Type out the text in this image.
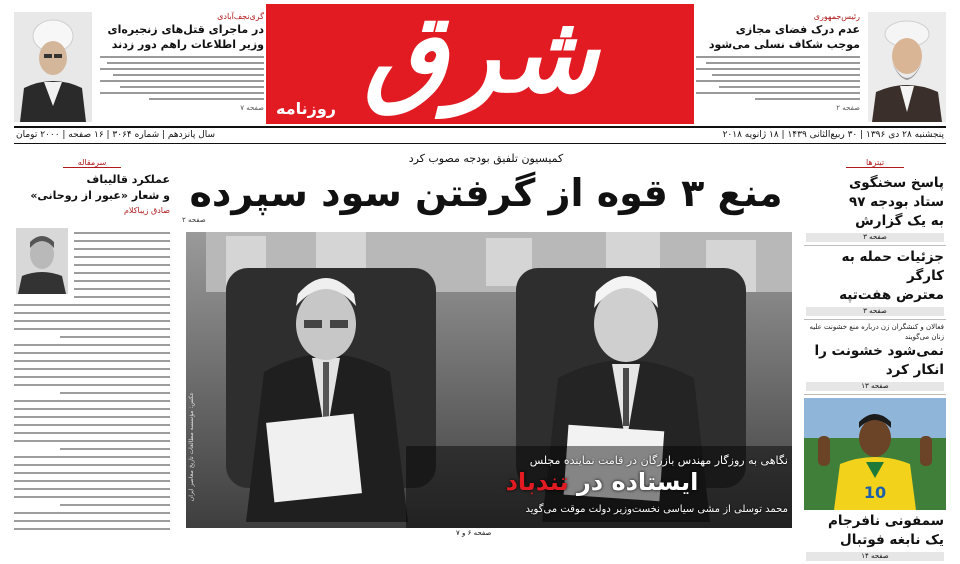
گری‌نجف‌آبادی
در ماجرای قتل‌های زنجیره‌ای
وزیر اطلاعات راهم دور زدند
صفحه ۷ شرق
روزنامه
رئیس‌جمهوری
عدم درک فضای مجازی
موجب شکاف نسلی می‌شود
صفحه ۲
پنجشنبه ۲۸ دی ۱۳۹۶ | ۳۰ ربیع‌الثانی ۱۴۳۹ | ۱۸ ژانویه ۲۰۱۸
سال پانزدهم | شماره ۳۰۶۴ | ۱۶ صفحه | ۲۰۰۰ تومان
سرمقاله
عملکرد قالیباف
و شعار «عبور از روحانی»
صادق زیباکلام
کمیسیون تلفیق بودجه مصوب کرد
منع ۳ قوه از گرفتن سود سپرده
صفحه ۲
عکس: مؤسسه مطالعات تاریخ معاصر ایران	نگاهی به روزگار مهندس بازرگان در قامت نماینده مجلس
ایستاده در تندباد
محمد توسلی از مشی سیاسی نخست‌وزیر دولت موقت می‌گوید
صفحه ۶ و ۷
تیترها
پاسخ سخنگوی
ستاد بودجه ۹۷
به یک گزارش
صفحه ۳
جزئیات حمله به کارگر
معترض هفت‌تپه
صفحه ۳
فعالان و کنشگران زن درباره منع خشونت علیه زنان می‌گویند
نمی‌شود خشونت را
انکار کرد
صفحه ۱۳
10
سمفونی نافرجام
یک نابغه فوتبال
صفحه ۱۴
